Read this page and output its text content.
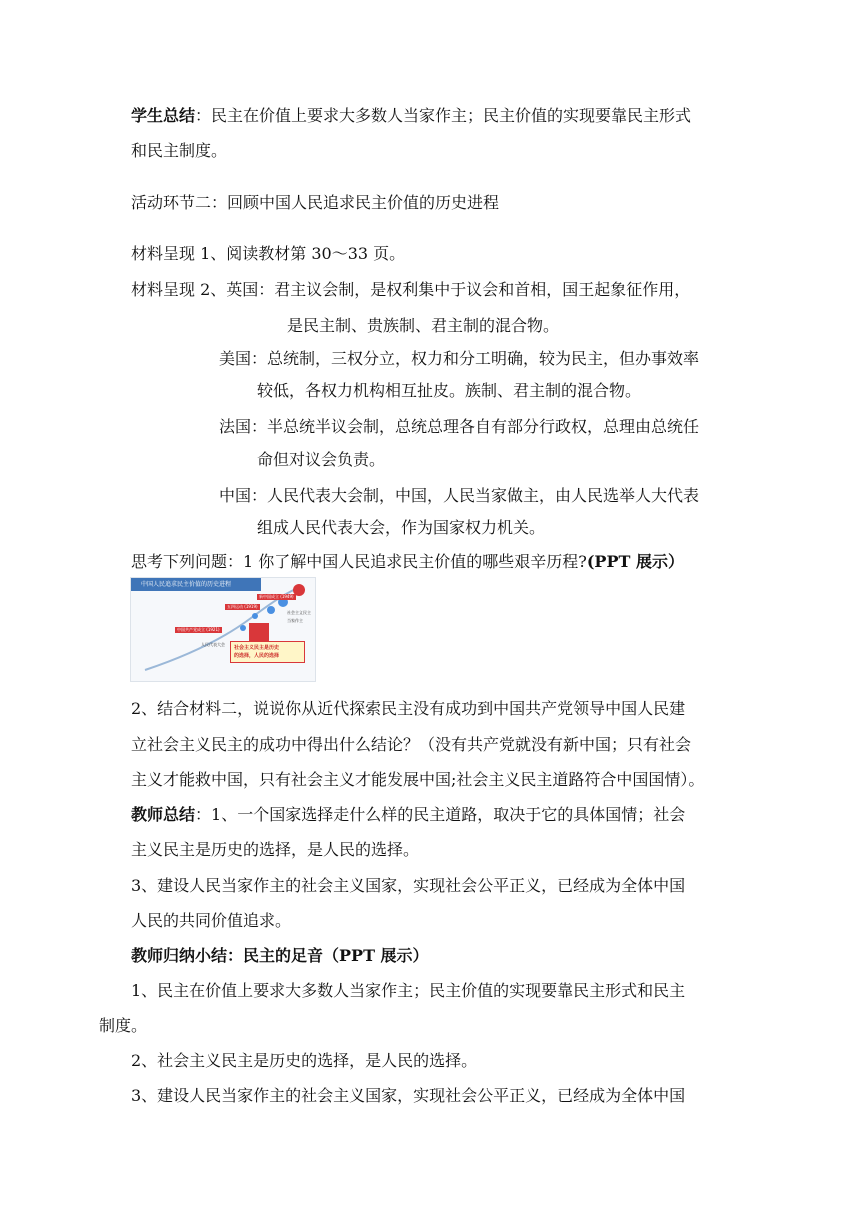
学生总结：民主在价值上要求大多数人当家作主；民主价值的实现要靠民主形式
和民主制度。
活动环节二：回顾中国人民追求民主价值的历史进程
材料呈现 1、阅读教材第 30～33 页。
材料呈现 2、英国：君主议会制，是权利集中于议会和首相，国王起象征作用，
是民主制、贵族制、君主制的混合物。
美国：总统制，三权分立，权力和分工明确，较为民主，但办事效率
较低，各权力机构相互扯皮。族制、君主制的混合物。
法国：半总统半议会制，总统总理各自有部分行政权，总理由总统任
命但对议会负责。
中国：人民代表大会制，中国，人民当家做主，由人民选举人大代表
组成人民代表大会，作为国家权力机关。
思考下列问题：1 你了解中国人民追求民主价值的哪些艰辛历程?(PPT 展示）
中国人民追求民主价值的历史进程
新中国成立 (1949)
五四运动 (1919)
中国共产党成立 (1921)
社会主义民主
当家作主
人民代表大会
社会主义民主是历史
的选择，人民的选择
2、结合材料二，说说你从近代探索民主没有成功到中国共产党领导中国人民建
立社会主义民主的成功中得出什么结论？（没有共产党就没有新中国；只有社会
主义才能救中国，只有社会主义才能发展中国;社会主义民主道路符合中国国情）。
教师总结：1、一个国家选择走什么样的民主道路，取决于它的具体国情；社会
主义民主是历史的选择，是人民的选择。
3、建设人民当家作主的社会主义国家，实现社会公平正义，已经成为全体中国
人民的共同价值追求。
教师归纳小结：民主的足音（PPT 展示）
1、民主在价值上要求大多数人当家作主；民主价值的实现要靠民主形式和民主
制度。
2、社会主义民主是历史的选择，是人民的选择。
3、建设人民当家作主的社会主义国家，实现社会公平正义，已经成为全体中国
